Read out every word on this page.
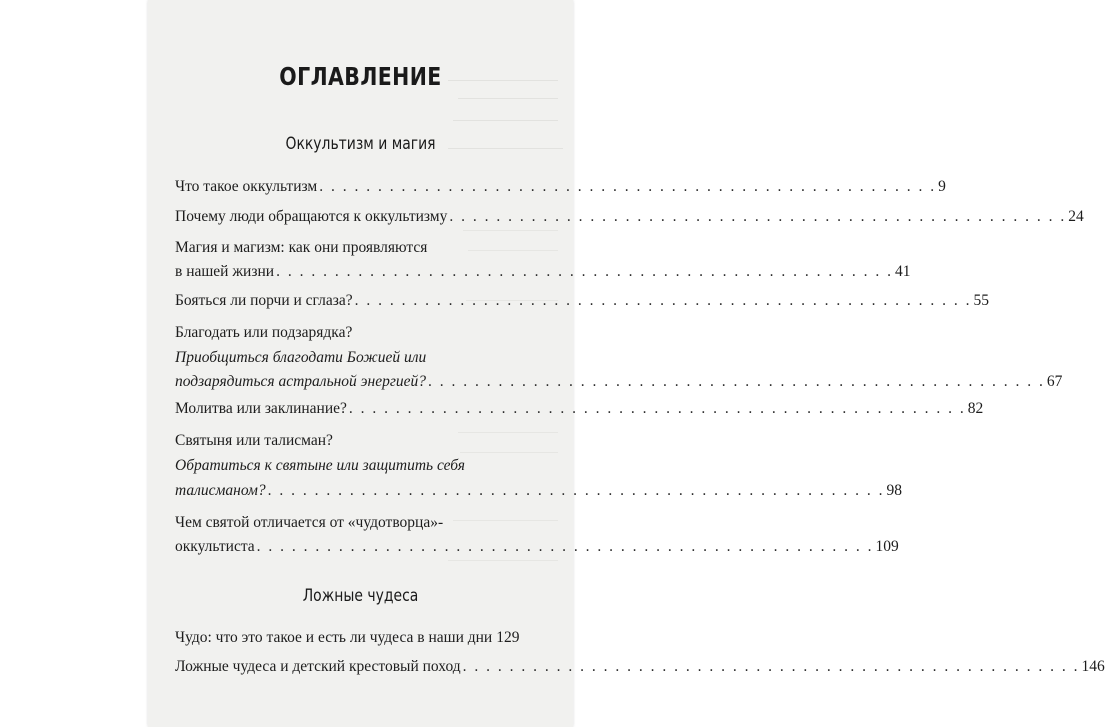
ОГЛАВЛЕНИЕ
Оккультизм и магия
Ложные чудеса
Что такое оккультизм . . . . . . . . . . . . . . . . . . . . . . . . . . . . . . . . . . . . . . . . . . . . . . . . . . . . . 9
Почему люди обращаются к оккультизму . . . . . . . . . . . . . . . . . . . . . . . . . . . . . . . . . . . . . . . . . . . . . . . . . . . . . 24
Магия и магизм: как они проявляются
в нашей жизни . . . . . . . . . . . . . . . . . . . . . . . . . . . . . . . . . . . . . . . . . . . . . . . . . . . . . 41
Бояться ли порчи и сглаза? . . . . . . . . . . . . . . . . . . . . . . . . . . . . . . . . . . . . . . . . . . . . . . . . . . . . . 55
Благодать или подзарядка?
Приобщиться благодати Божией или
подзарядиться астральной энергией? . . . . . . . . . . . . . . . . . . . . . . . . . . . . . . . . . . . . . . . . . . . . . . . . . . . . . 67
Молитва или заклинание? . . . . . . . . . . . . . . . . . . . . . . . . . . . . . . . . . . . . . . . . . . . . . . . . . . . . . 82
Святыня или талисман?
Обратиться к святыне или защитить себя
талисманом? . . . . . . . . . . . . . . . . . . . . . . . . . . . . . . . . . . . . . . . . . . . . . . . . . . . . . 98
Чем святой отличается от «чудотворца»-
оккультиста . . . . . . . . . . . . . . . . . . . . . . . . . . . . . . . . . . . . . . . . . . . . . . . . . . . . . 109
Чудо: что это такое и есть ли чудеса в наши дни 129
Ложные чудеса и детский крестовый поход . . . . . . . . . . . . . . . . . . . . . . . . . . . . . . . . . . . . . . . . . . . . . . . . . . . . . 146
